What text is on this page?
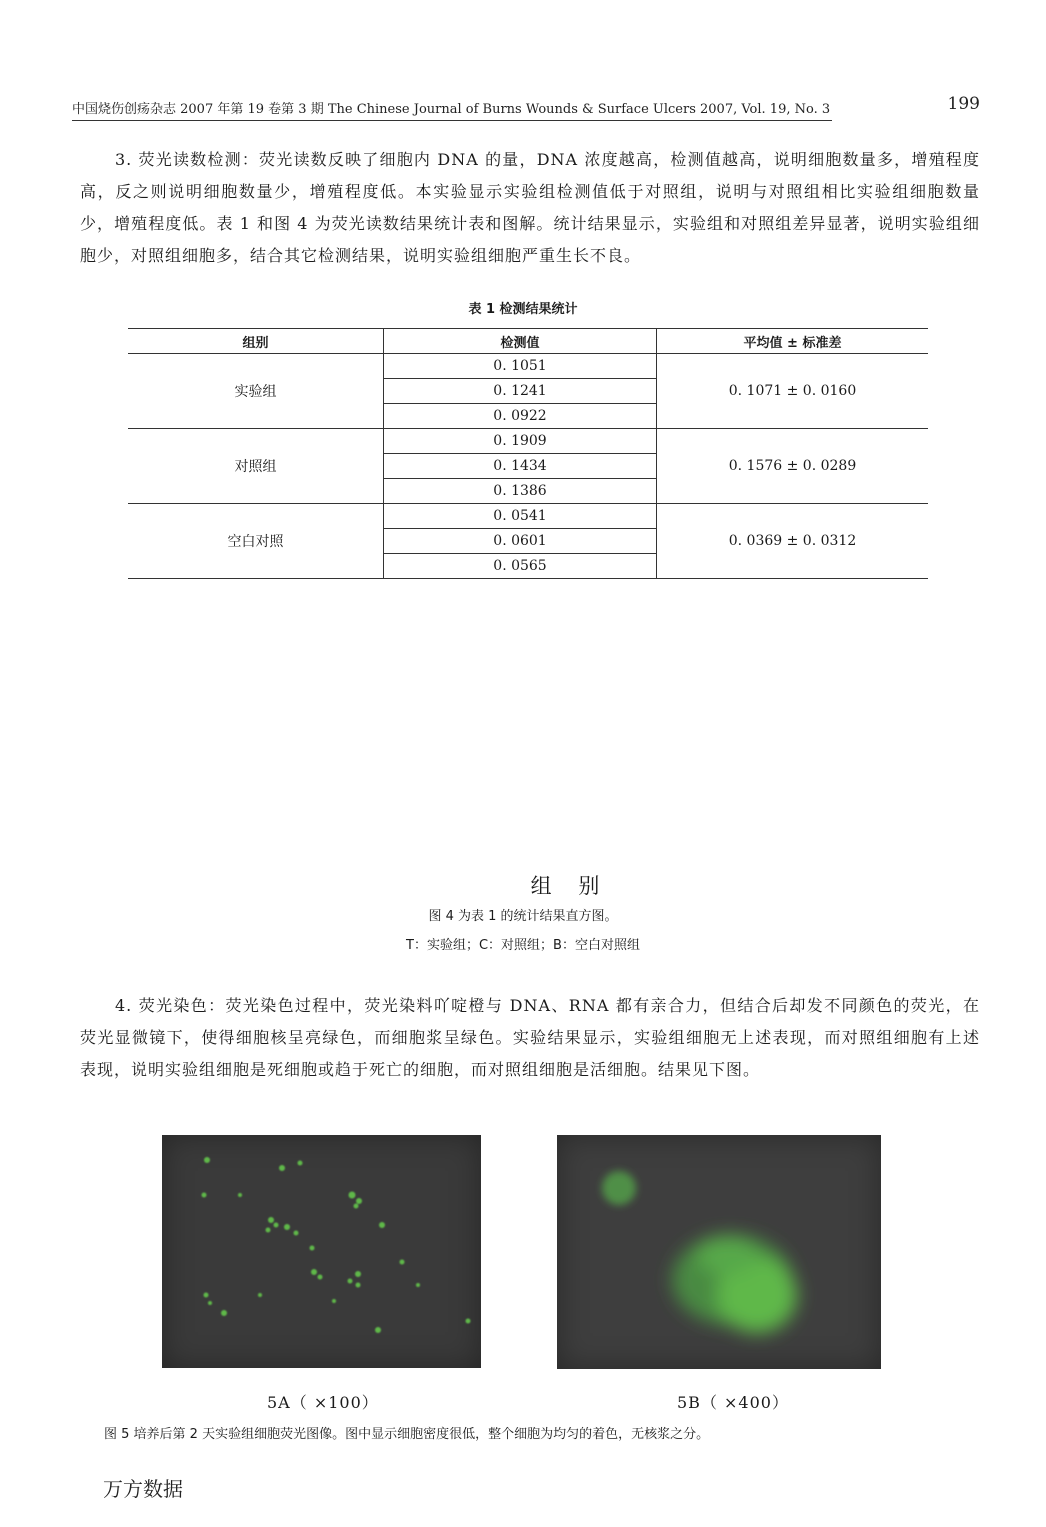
中国烧伤创疡杂志 2007 年第 19 卷第 3 期 The Chinese Journal of Burns Wounds & Surface Ulcers 2007, Vol. 19, No. 3	199
3. 荧光读数检测：荧光读数反映了细胞内 DNA 的量，DNA 浓度越高，检测值越高，说明细胞数量多，增殖程度高，反之则说明细胞数量少，增殖程度低。本实验显示实验组检测值低于对照组，说明与对照组相比实验组细胞数量少，增殖程度低。表 1 和图 4 为荧光读数结果统计表和图解。统计结果显示，实验组和对照组差异显著，说明实验组细胞少，对照组细胞多，结合其它检测结果，说明实验组细胞严重生长不良。
表 1 检测结果统计
组别	检测值	平均值 ± 标准差
实验组	0. 1051	0. 1071 ± 0. 0160
	0. 1241	
	0. 0922	
对照组	0. 1909	0. 1576 ± 0. 0289
	0. 1434	
	0. 1386	
空白对照	0. 0541	0. 0369 ± 0. 0312
	0. 0601	
	0. 0565	
组 别
图 4 为表 1 的统计结果直方图。
T：实验组；C：对照组；B：空白对照组
4. 荧光染色：荧光染色过程中，荧光染料吖啶橙与 DNA、RNA 都有亲合力，但结合后却发不同颜色的荧光，在荧光显微镜下，使得细胞核呈亮绿色，而细胞浆呈绿色。实验结果显示，实验组细胞无上述表现，而对照组细胞有上述表现，说明实验组细胞是死细胞或趋于死亡的细胞，而对照组细胞是活细胞。结果见下图。
5A（ ×100）	5B（ ×400）
图 5 培养后第 2 天实验组细胞荧光图像。图中显示细胞密度很低，整个细胞为均匀的着色，无核浆之分。
万方数据
